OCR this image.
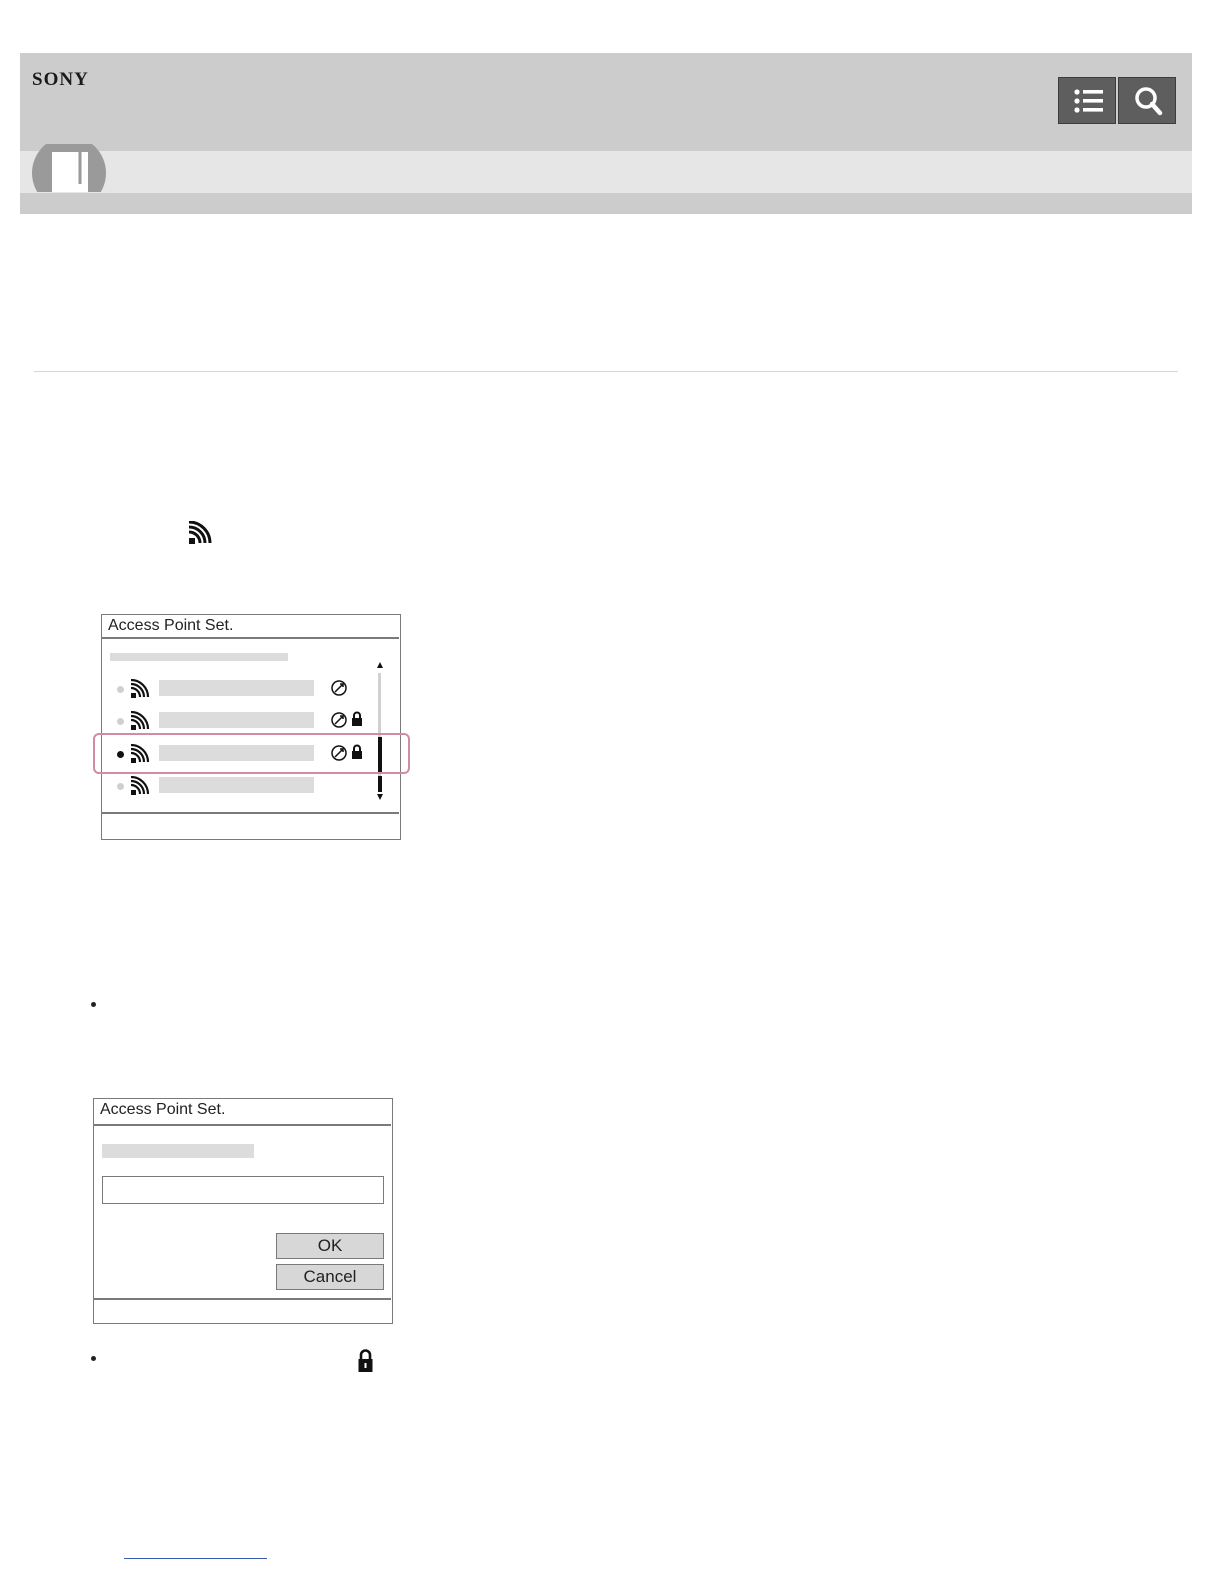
SONY
Access Point Set.
Access Point Set.
OK
Cancel
